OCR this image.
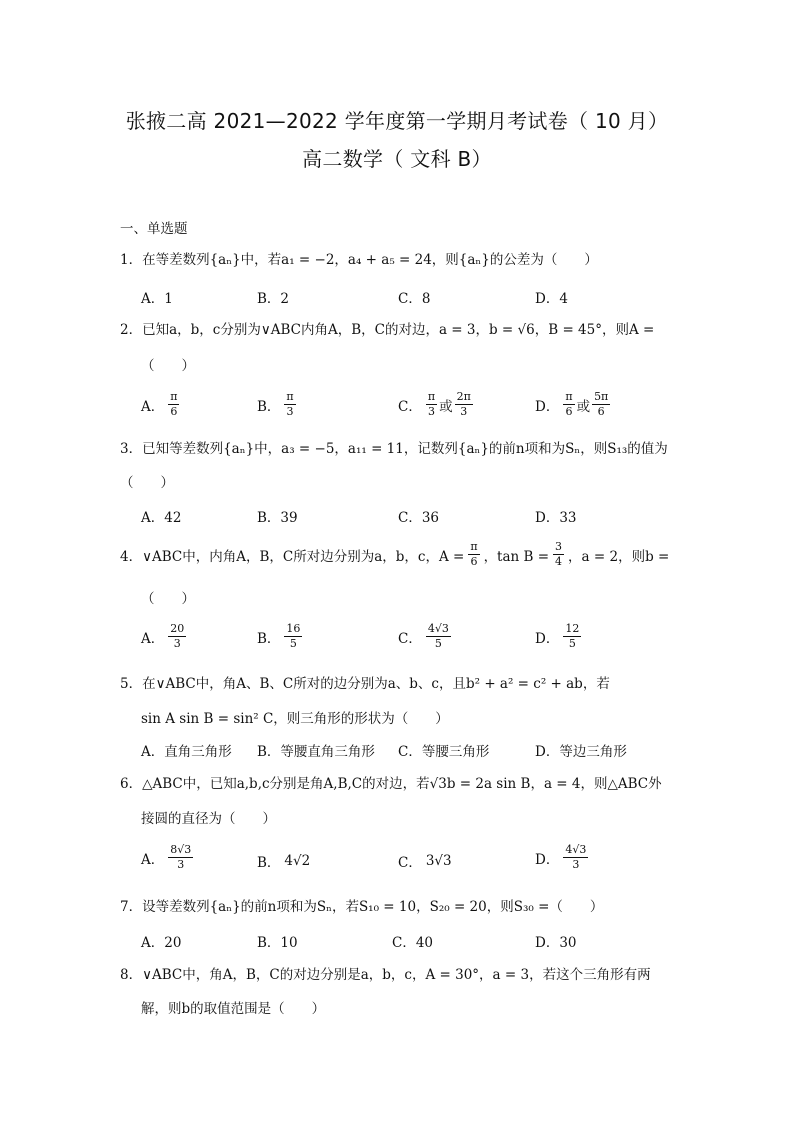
张掖二高 2021—2022 学年度第一学期月考试卷（ 10 月）
高二数学（ 文科 B）
一、单选题
1．在等差数列{aₙ}中，若a₁ = −2，a₄ + a₅ = 24，则{aₙ}的公差为（　　）
A．1	B．2	C．8	D．4
2．已知a，b，c分别为∨ABC内角A，B，C的对边，a = 3，b = √6，B = 45°，则A =
（　　）
A． $\frac{\pi}{6}$	B． $\frac{\pi}{3}$	C． $\frac{\pi}{3}$ 或 $\frac{2\pi}{3}$	D． $\frac{\pi}{6}$ 或 $\frac{5\pi}{6}$
3．已知等差数列{aₙ}中，a₃ = −5，a₁₁ = 11，记数列{aₙ}的前n项和为Sₙ，则S₁₃的值为
（　　）
A．42	B．39	C．36	D．33
4．∨ABC中，内角A，B，C所对边分别为a，b，c，$A = \frac{\pi}{6}$ ，$\tan B = \frac{3}{4}$ ，a = 2，则b =
（　　）
A． $\frac{20}{3}$	B． $\frac{16}{5}$	C． $\frac{4√3}{5}$	D． $\frac{12}{5}$
5．在∨ABC中，角A、B、C所对的边分别为a、b、c，且b² + a² = c² + ab，若
sin A sin B = sin² C，则三角形的形状为（　　）
A．直角三角形 B．等腰直角三角形 C．等腰三角形	D．等边三角形
6．△ABC中，已知a,b,c分别是角A,B,C的对边，若√3b = 2a sin B，a = 4，则△ABC外
接圆的直径为（　　）
A． $\frac{8√3}{3}$	B． 4√2	C． 3√3	D． $\frac{4√3}{3}$
7．设等差数列{aₙ}的前n项和为Sₙ，若S₁₀ = 10，S₂₀ = 20，则S₃₀ =（　　）
A．20	B．10	C．40	D．30
8．∨ABC中，角A，B，C的对边分别是a，b，c，A = 30°，a = 3，若这个三角形有两
解，则b的取值范围是（　　）
